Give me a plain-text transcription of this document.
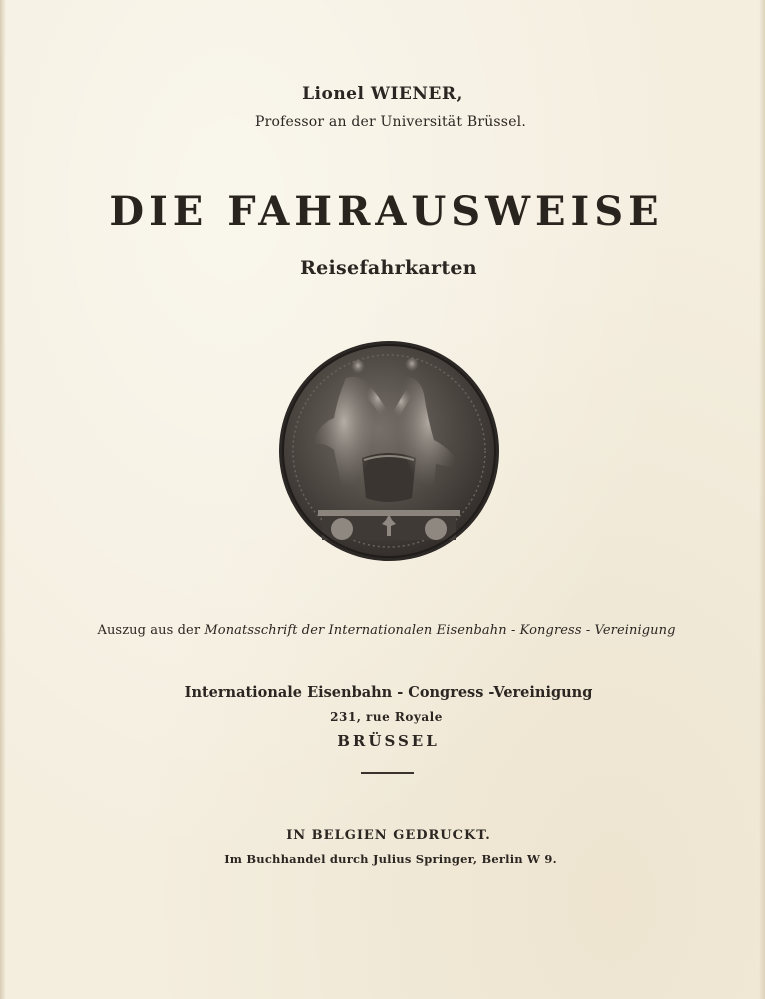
Lionel WIENER,
Professor an der Universität Brüssel.
DIE FAHRAUSWEISE
Reisefahrkarten
Auszug aus der Monatsschrift der Internationalen Eisenbahn - Kongress - Vereinigung
Internationale Eisenbahn - Congress -Vereinigung
231, rue Royale
BRÜSSEL
IN BELGIEN GEDRUCKT.
Im Buchhandel durch Julius Springer, Berlin W 9.
